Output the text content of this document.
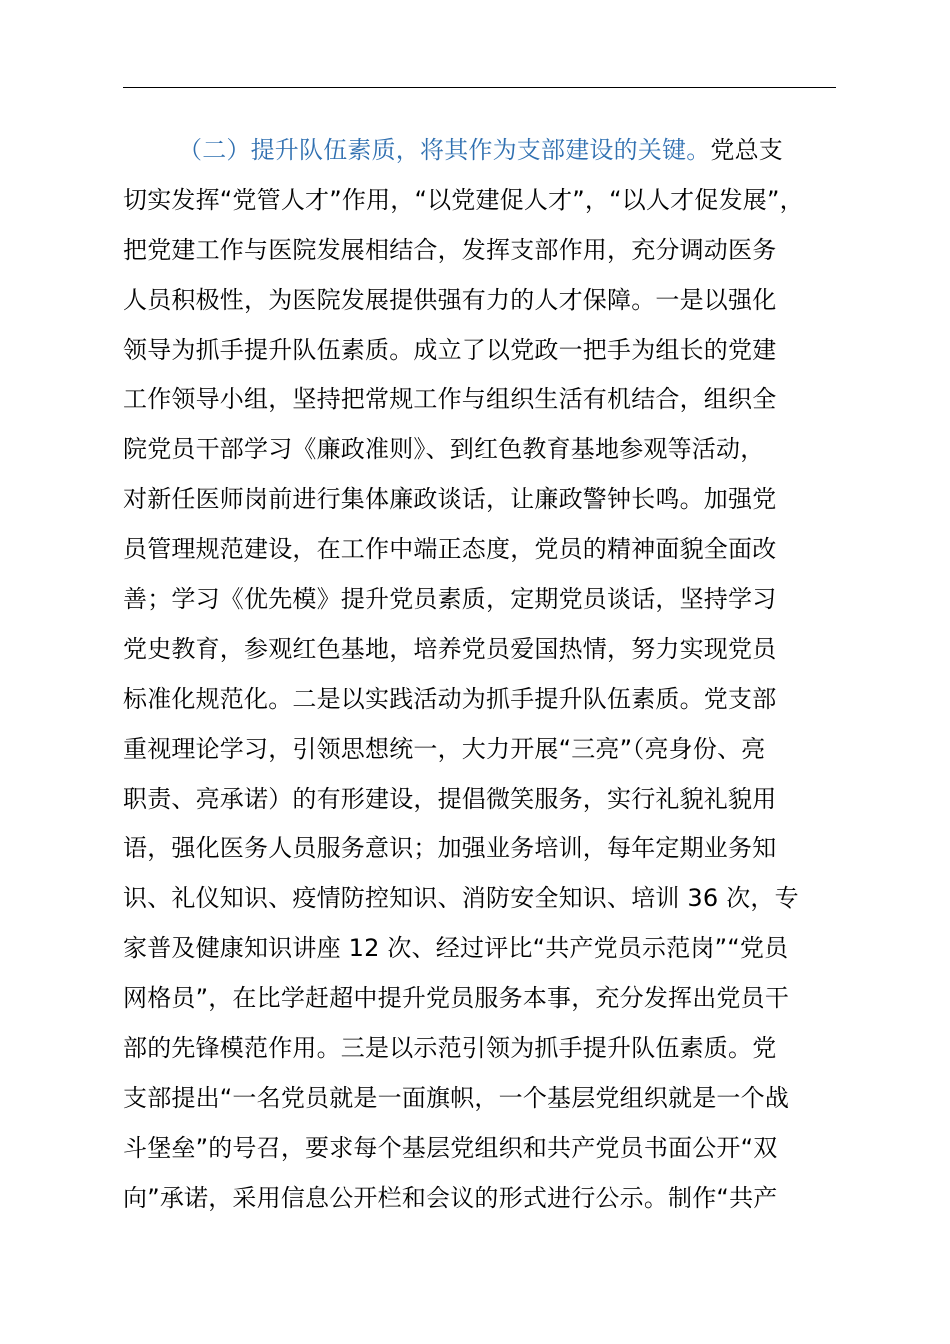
（二）提升队伍素质，将其作为支部建设的关键。党总支
切实发挥“党管人才”作用，“以党建促人才”，“以人才促发展”，
把党建工作与医院发展相结合，发挥支部作用，充分调动医务
人员积极性，为医院发展提供强有力的人才保障。一是以强化
领导为抓手提升队伍素质。成立了以党政一把手为组长的党建
工作领导小组，坚持把常规工作与组织生活有机结合，组织全
院党员干部学习《廉政准则》、到红色教育基地参观等活动，
对新任医师岗前进行集体廉政谈话，让廉政警钟长鸣。加强党
员管理规范建设，在工作中端正态度，党员的精神面貌全面改
善；学习《优先模》提升党员素质，定期党员谈话，坚持学习
党史教育，参观红色基地，培养党员爱国热情，努力实现党员
标准化规范化。二是以实践活动为抓手提升队伍素质。党支部
重视理论学习，引领思想统一，大力开展“三亮”（亮身份、亮
职责、亮承诺）的有形建设，提倡微笑服务，实行礼貌礼貌用
语，强化医务人员服务意识；加强业务培训，每年定期业务知
识、礼仪知识、疫情防控知识、消防安全知识、培训 36 次，专
家普及健康知识讲座 12 次、经过评比“共产党员示范岗”“党员
网格员”，在比学赶超中提升党员服务本事，充分发挥出党员干
部的先锋模范作用。三是以示范引领为抓手提升队伍素质。党
支部提出“一名党员就是一面旗帜，一个基层党组织就是一个战
斗堡垒”的号召，要求每个基层党组织和共产党员书面公开“双
向”承诺，采用信息公开栏和会议的形式进行公示。制作“共产
